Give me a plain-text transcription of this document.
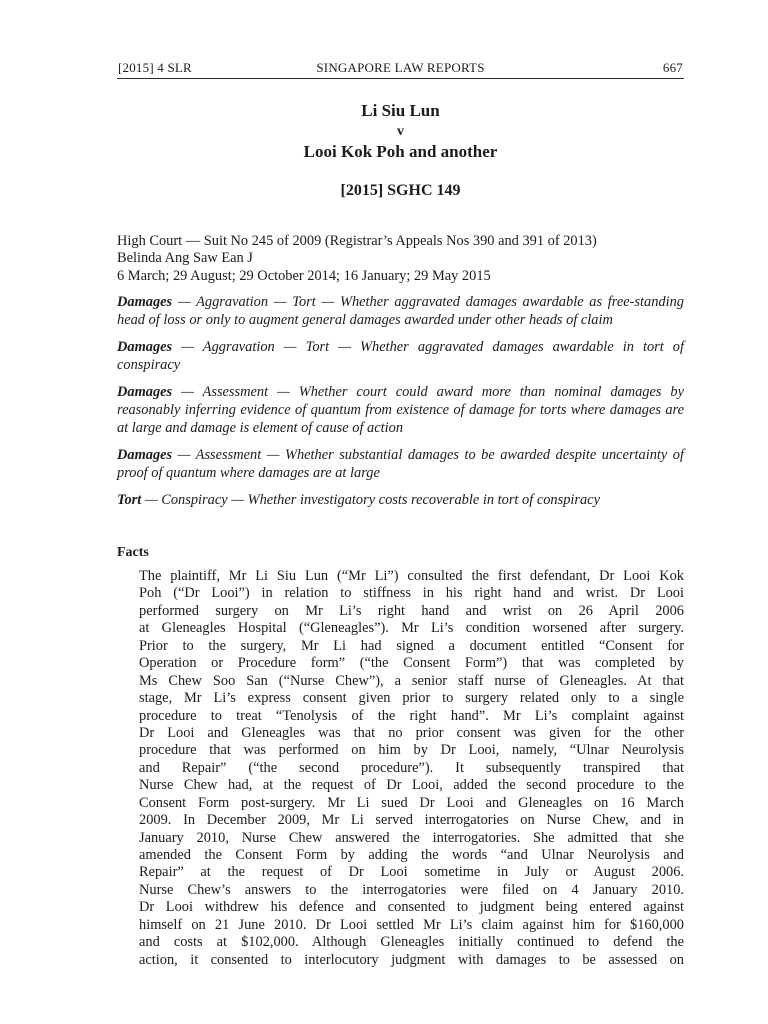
[2015] 4 SLR	SINGAPORE LAW REPORTS	667
Li Siu Lun
v
Looi Kok Poh and another
[2015] SGHC 149
High Court — Suit No 245 of 2009 (Registrar’s Appeals Nos 390 and 391 of 2013)
Belinda Ang Saw Ean J
6 March; 29 August; 29 October 2014; 16 January; 29 May 2015

Damages — Aggravation — Tort — Whether aggravated damages awardable as free-standing head of loss or only to augment general damages awarded under other heads of claim

Damages — Aggravation — Tort — Whether aggravated damages awardable in tort of conspiracy

Damages — Assessment — Whether court could award more than nominal damages by reasonably inferring evidence of quantum from existence of damage for torts where damages are at large and damage is element of cause of action

Damages — Assessment — Whether substantial damages to be awarded despite uncertainty of proof of quantum where damages are at large

Tort — Conspiracy — Whether investigatory costs recoverable in tort of conspiracy

Facts
The plaintiff, Mr Li Siu Lun (“Mr Li”) consulted the first defendant, Dr Looi Kok
Poh (“Dr Looi”) in relation to stiffness in his right hand and wrist. Dr Looi
performed surgery on Mr Li’s right hand and wrist on 26 April 2006
at Gleneagles Hospital (“Gleneagles”). Mr Li’s condition worsened after surgery.
Prior to the surgery, Mr Li had signed a document entitled “Consent for
Operation or Procedure form” (“the Consent Form”) that was completed by
Ms Chew Soo San (“Nurse Chew”), a senior staff nurse of Gleneagles. At that
stage, Mr Li’s express consent given prior to surgery related only to a single
procedure to treat “Tenolysis of the right hand”. Mr Li’s complaint against
Dr Looi and Gleneagles was that no prior consent was given for the other
procedure that was performed on him by Dr Looi, namely, “Ulnar Neurolysis
and Repair” (“the second procedure”). It subsequently transpired that
Nurse Chew had, at the request of Dr Looi, added the second procedure to the
Consent Form post-surgery. Mr Li sued Dr Looi and Gleneagles on 16 March
2009. In December 2009, Mr Li served interrogatories on Nurse Chew, and in
January 2010, Nurse Chew answered the interrogatories. She admitted that she
amended the Consent Form by adding the words “and Ulnar Neurolysis and
Repair” at the request of Dr Looi sometime in July or August 2006.
Nurse Chew’s answers to the interrogatories were filed on 4 January 2010.
Dr Looi withdrew his defence and consented to judgment being entered against
himself on 21 June 2010. Dr Looi settled Mr Li’s claim against him for $160,000
and costs at $102,000. Although Gleneagles initially continued to defend the
action, it consented to interlocutory judgment with damages to be assessed on
